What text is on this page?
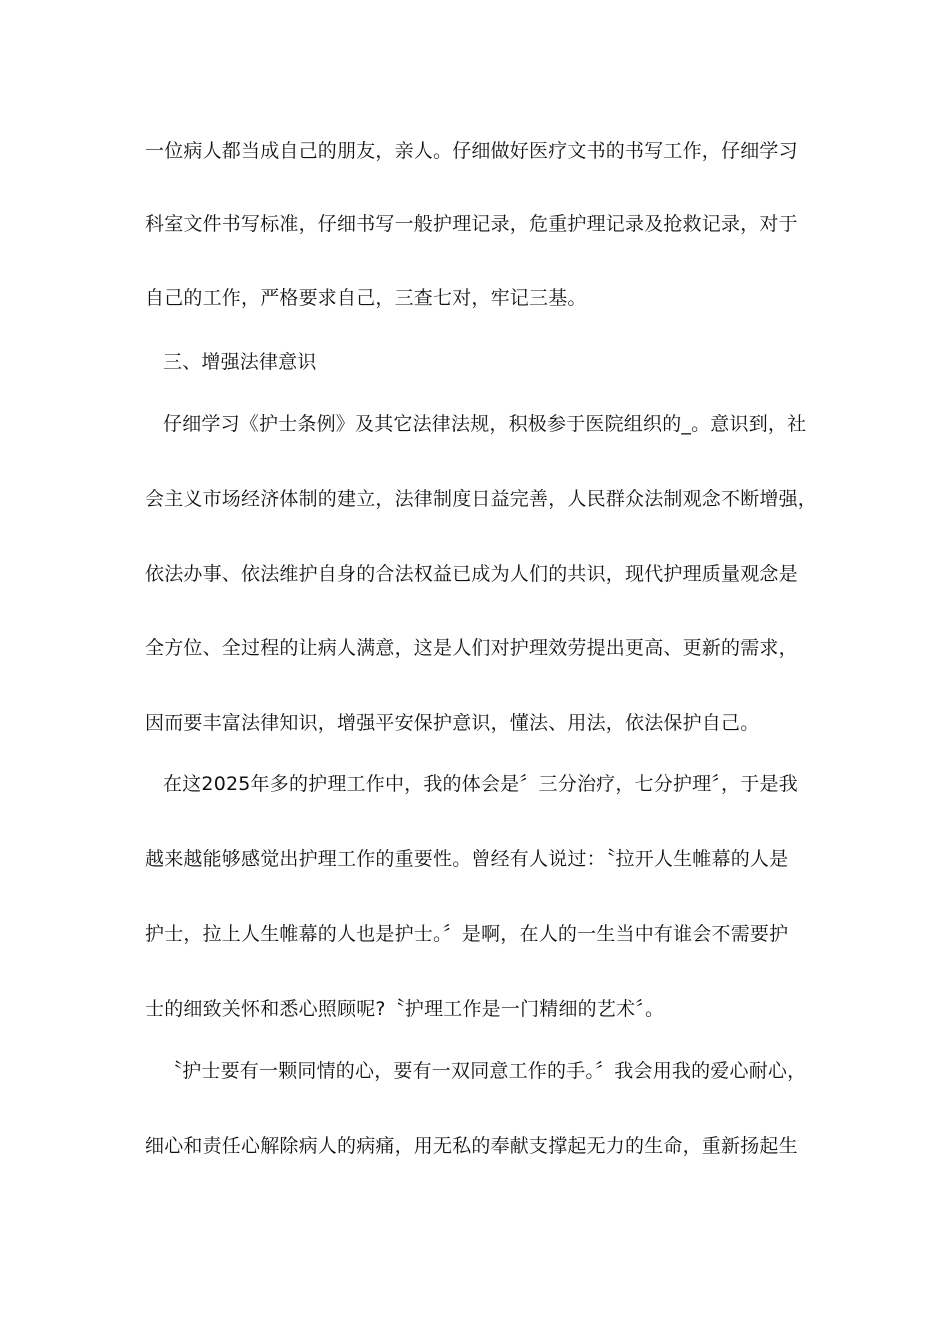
一位病人都当成自己的朋友，亲人。仔细做好医疗文书的书写工作，仔细学习
科室文件书写标准，仔细书写一般护理记录，危重护理记录及抢救记录，对于
自己的工作，严格要求自己，三查七对，牢记三基。
三、增强法律意识
仔细学习《护士条例》及其它法律法规，积极参于医院组织的_。意识到，社
会主义市场经济体制的建立，法律制度日益完善，人民群众法制观念不断增强，
依法办事、依法维护自身的合法权益已成为人们的共识，现代护理质量观念是
全方位、全过程的让病人满意，这是人们对护理效劳提出更高、更新的需求，
因而要丰富法律知识，增强平安保护意识，懂法、用法，依法保护自己。
在这2025年多的护理工作中，我的体会是〞三分治疗，七分护理〞，于是我
越来越能够感觉出护理工作的重要性。曾经有人说过：〝拉开人生帷幕的人是
护士，拉上人生帷幕的人也是护士。〞是啊，在人的一生当中有谁会不需要护
士的细致关怀和悉心照顾呢?〝护理工作是一门精细的艺术〞。
〝护士要有一颗同情的心，要有一双同意工作的手。〞我会用我的爱心耐心，
细心和责任心解除病人的病痛，用无私的奉献支撑起无力的生命，重新扬起生
